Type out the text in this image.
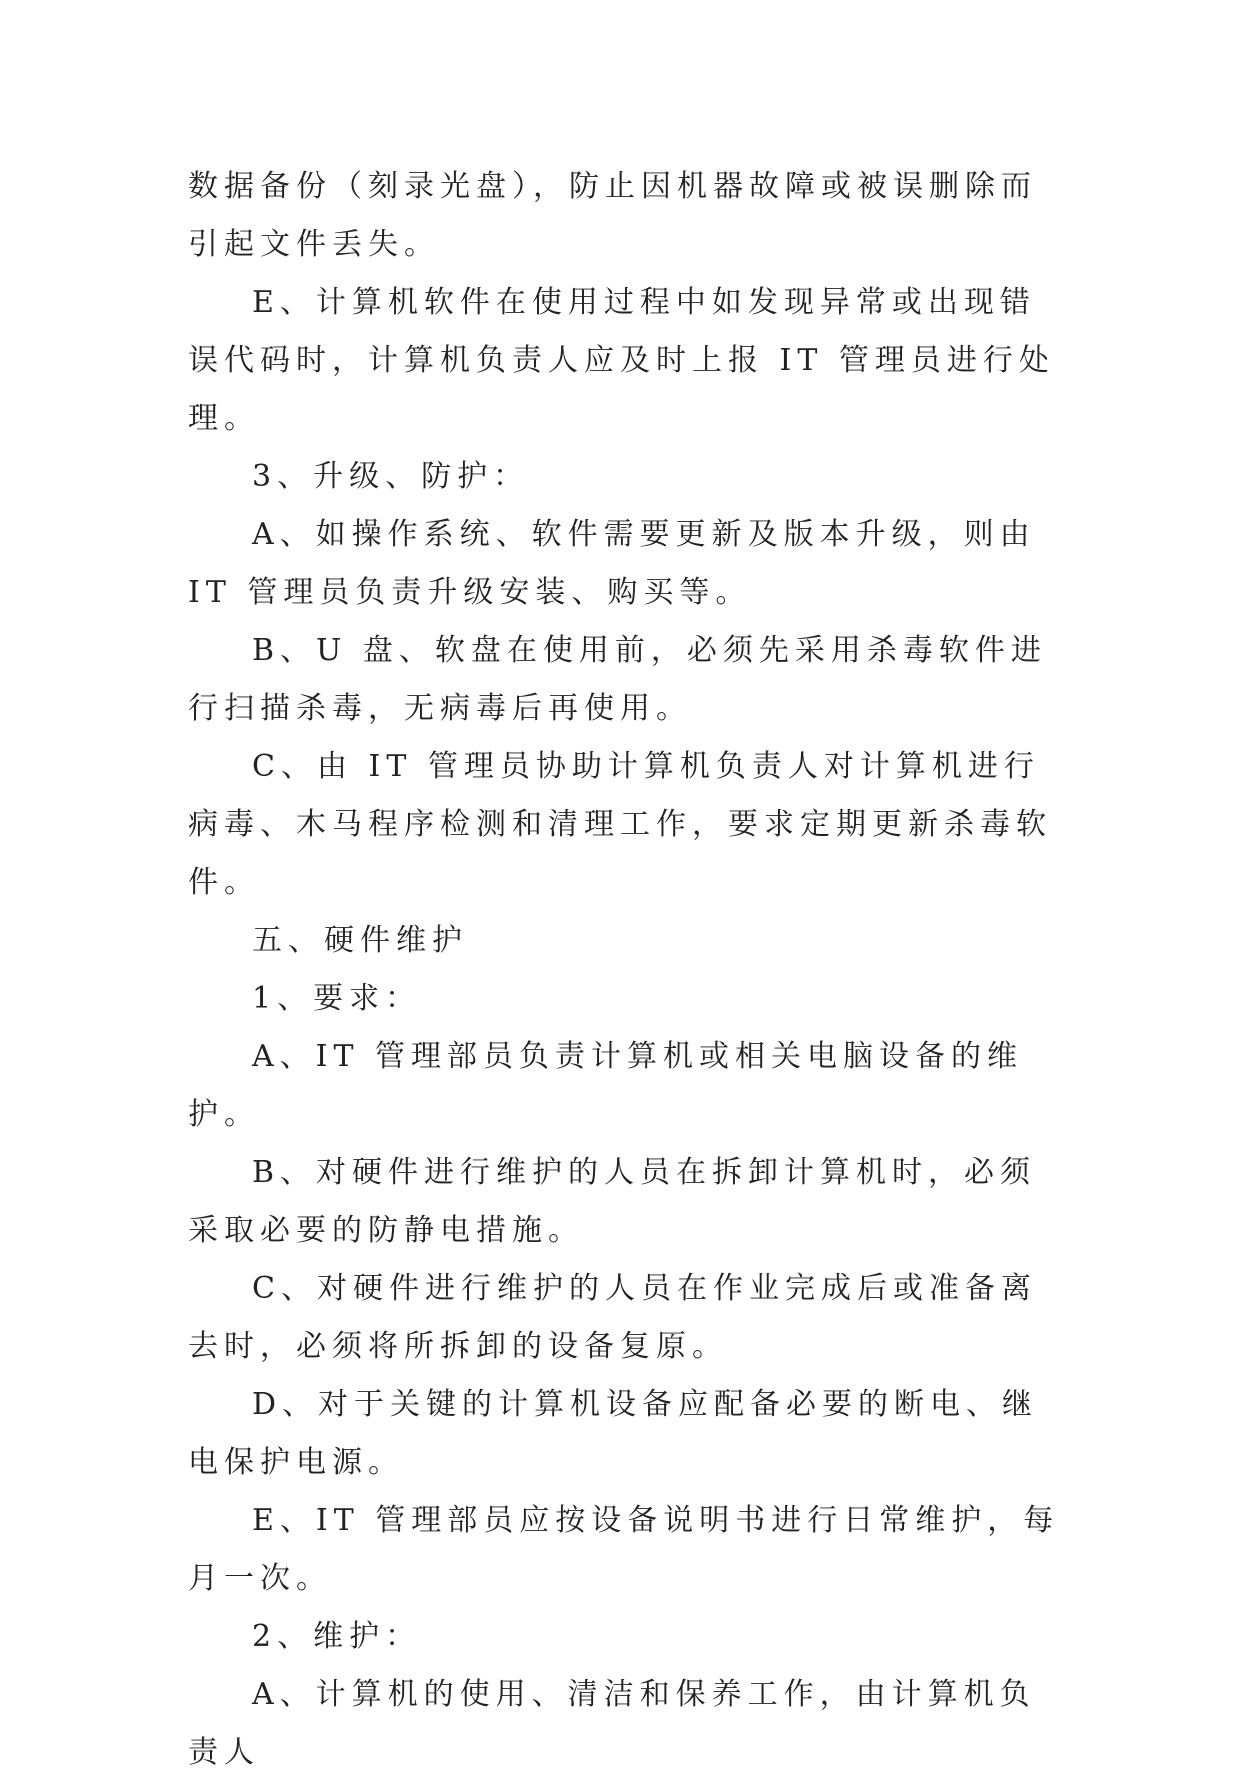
数据备份（刻录光盘），防止因机器故障或被误删除而引起文件丢失。

E、计算机软件在使用过程中如发现异常或出现错误代码时，计算机负责人应及时上报 IT 管理员进行处理。

3、升级、防护：

A、如操作系统、软件需要更新及版本升级，则由 IT 管理员负责升级安装、购买等。

B、U 盘、软盘在使用前，必须先采用杀毒软件进行扫描杀毒，无病毒后再使用。

C、由 IT 管理员协助计算机负责人对计算机进行病毒、木马程序检测和清理工作，要求定期更新杀毒软件。

五、硬件维护

1、要求：

A、IT 管理部员负责计算机或相关电脑设备的维护。

B、对硬件进行维护的人员在拆卸计算机时，必须采取必要的防静电措施。

C、对硬件进行维护的人员在作业完成后或准备离去时，必须将所拆卸的设备复原。

D、对于关键的计算机设备应配备必要的断电、继电保护电源。

E、IT 管理部员应按设备说明书进行日常维护，每月一次。

2、维护：

A、计算机的使用、清洁和保养工作，由计算机负责人
